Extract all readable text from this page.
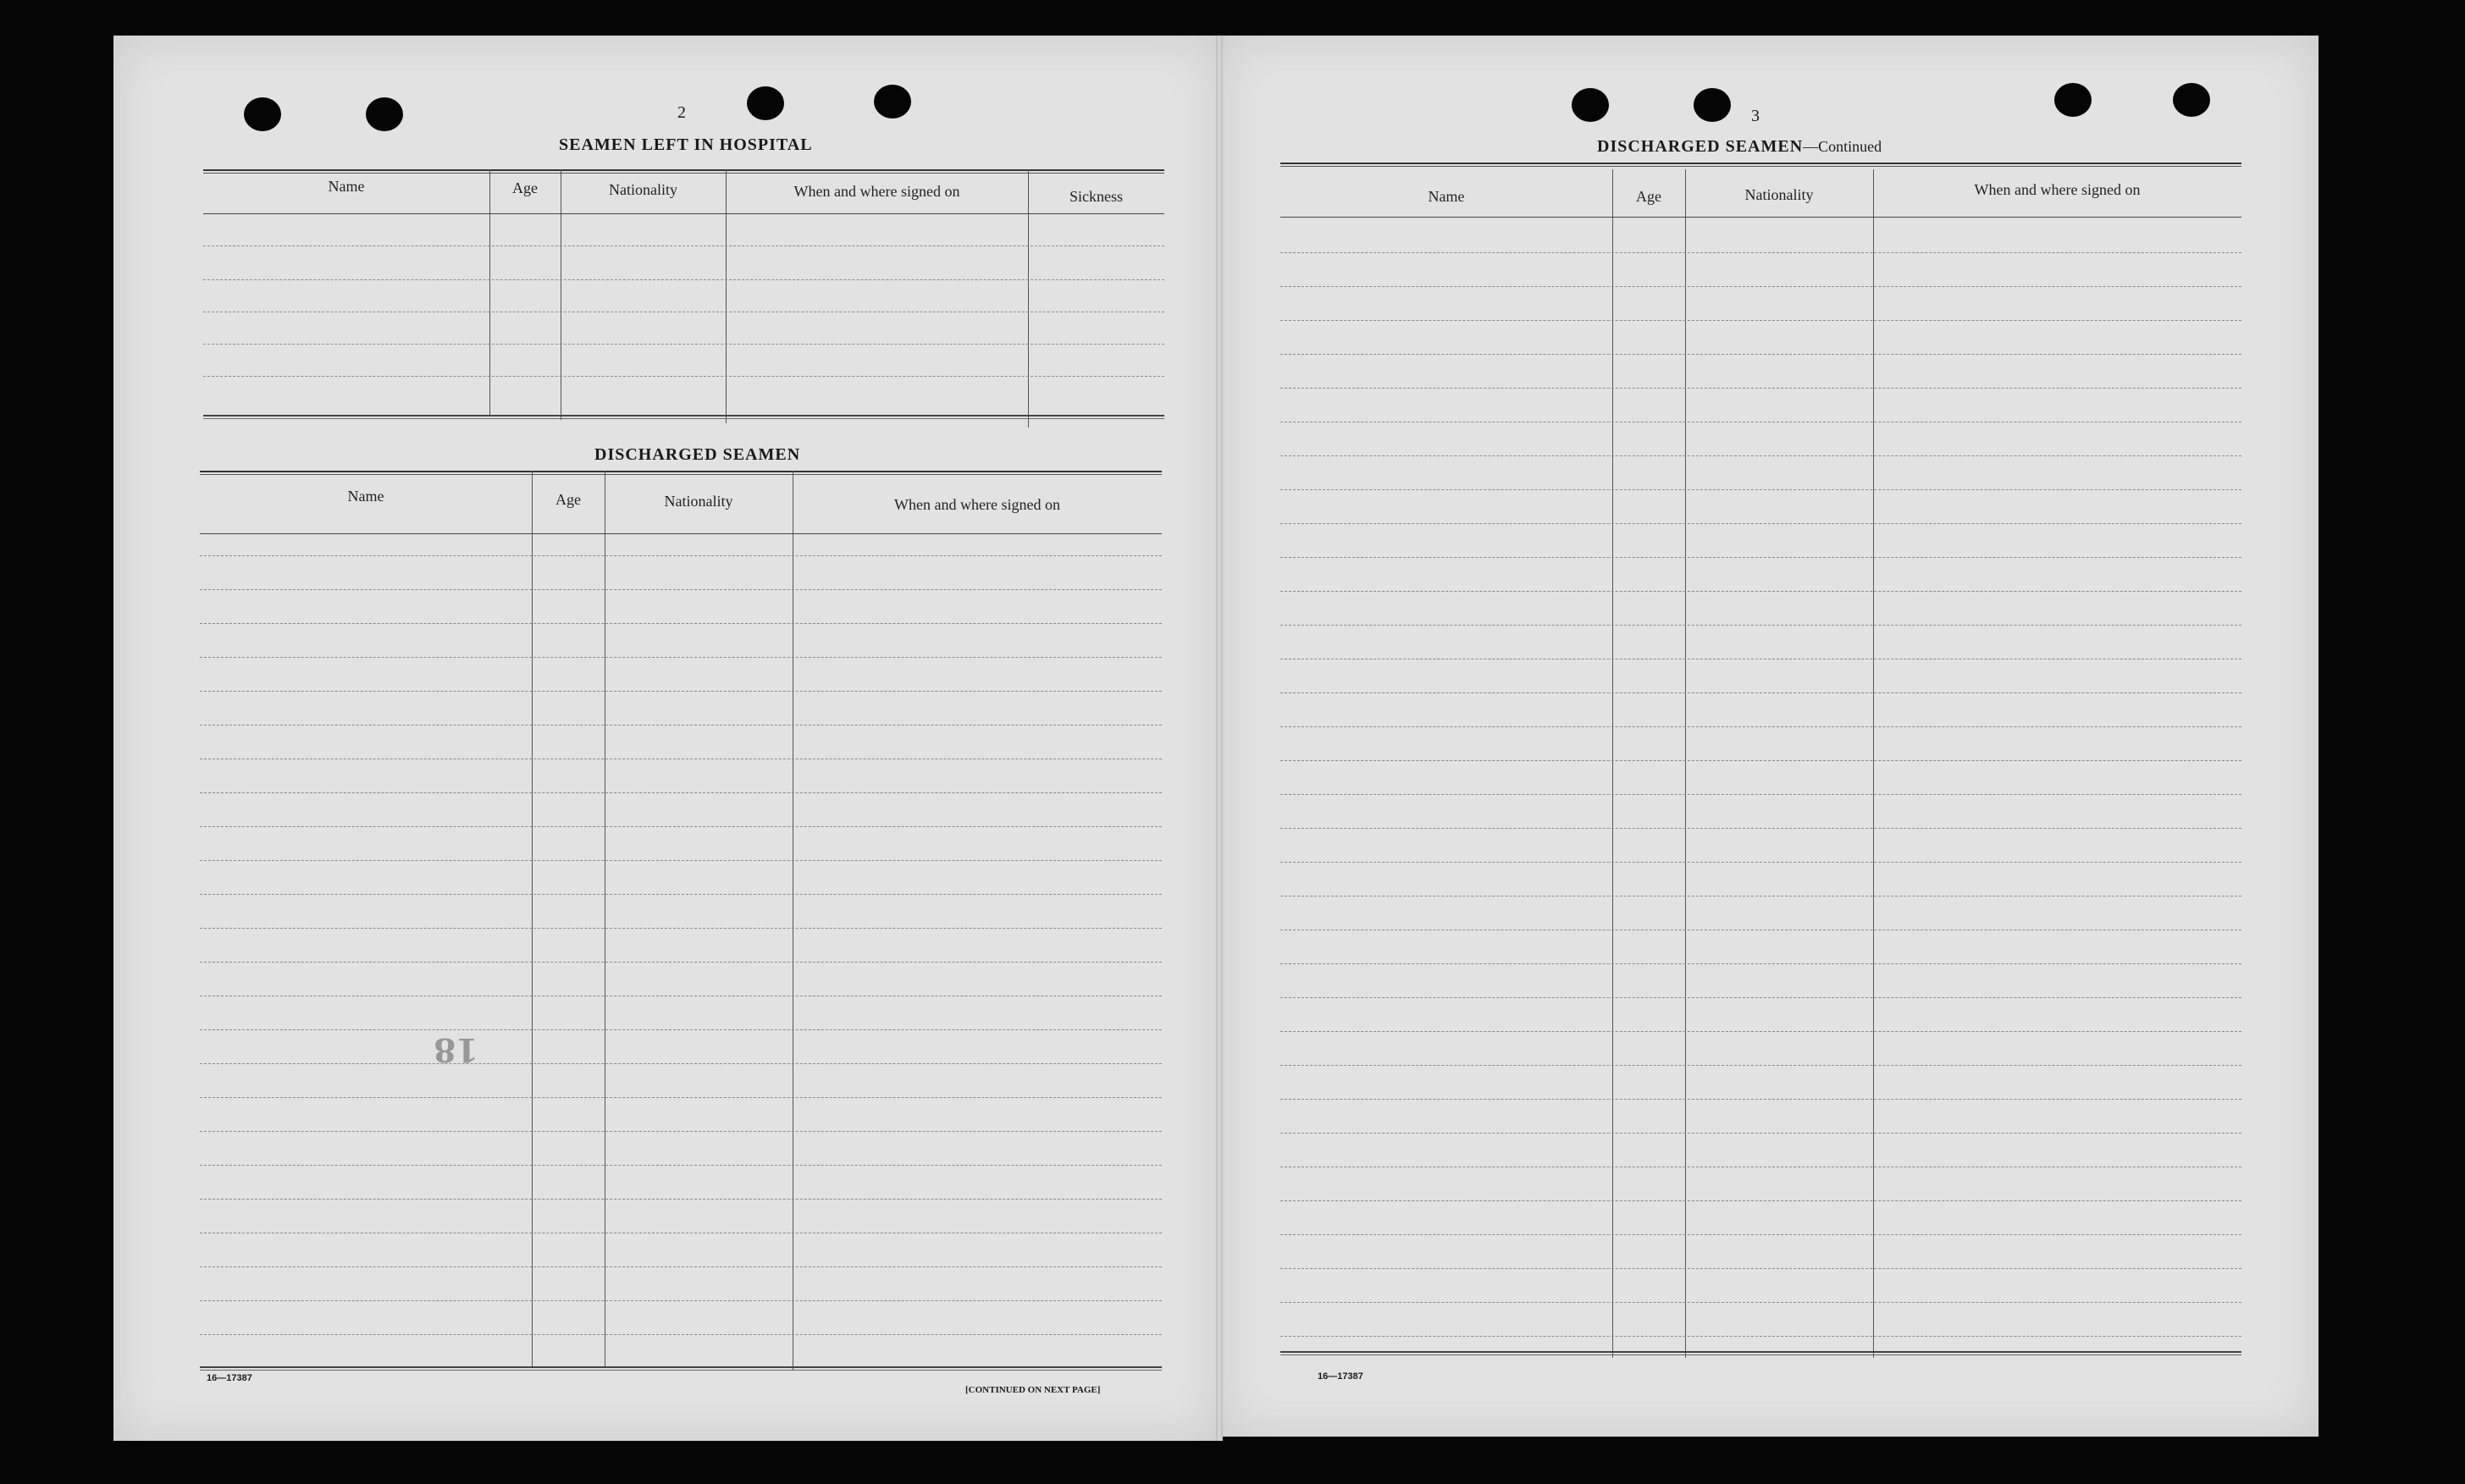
2
SEAMEN LEFT IN HOSPITAL
Name	Age	Nationality	When and where signed on	Sickness
DISCHARGED SEAMEN
Name	Age	Nationality	When and where signed on
18
16—17387
[CONTINUED ON NEXT PAGE]
3
DISCHARGED SEAMEN—Continued
Name	Age	Nationality	When and where signed on
16—17387
